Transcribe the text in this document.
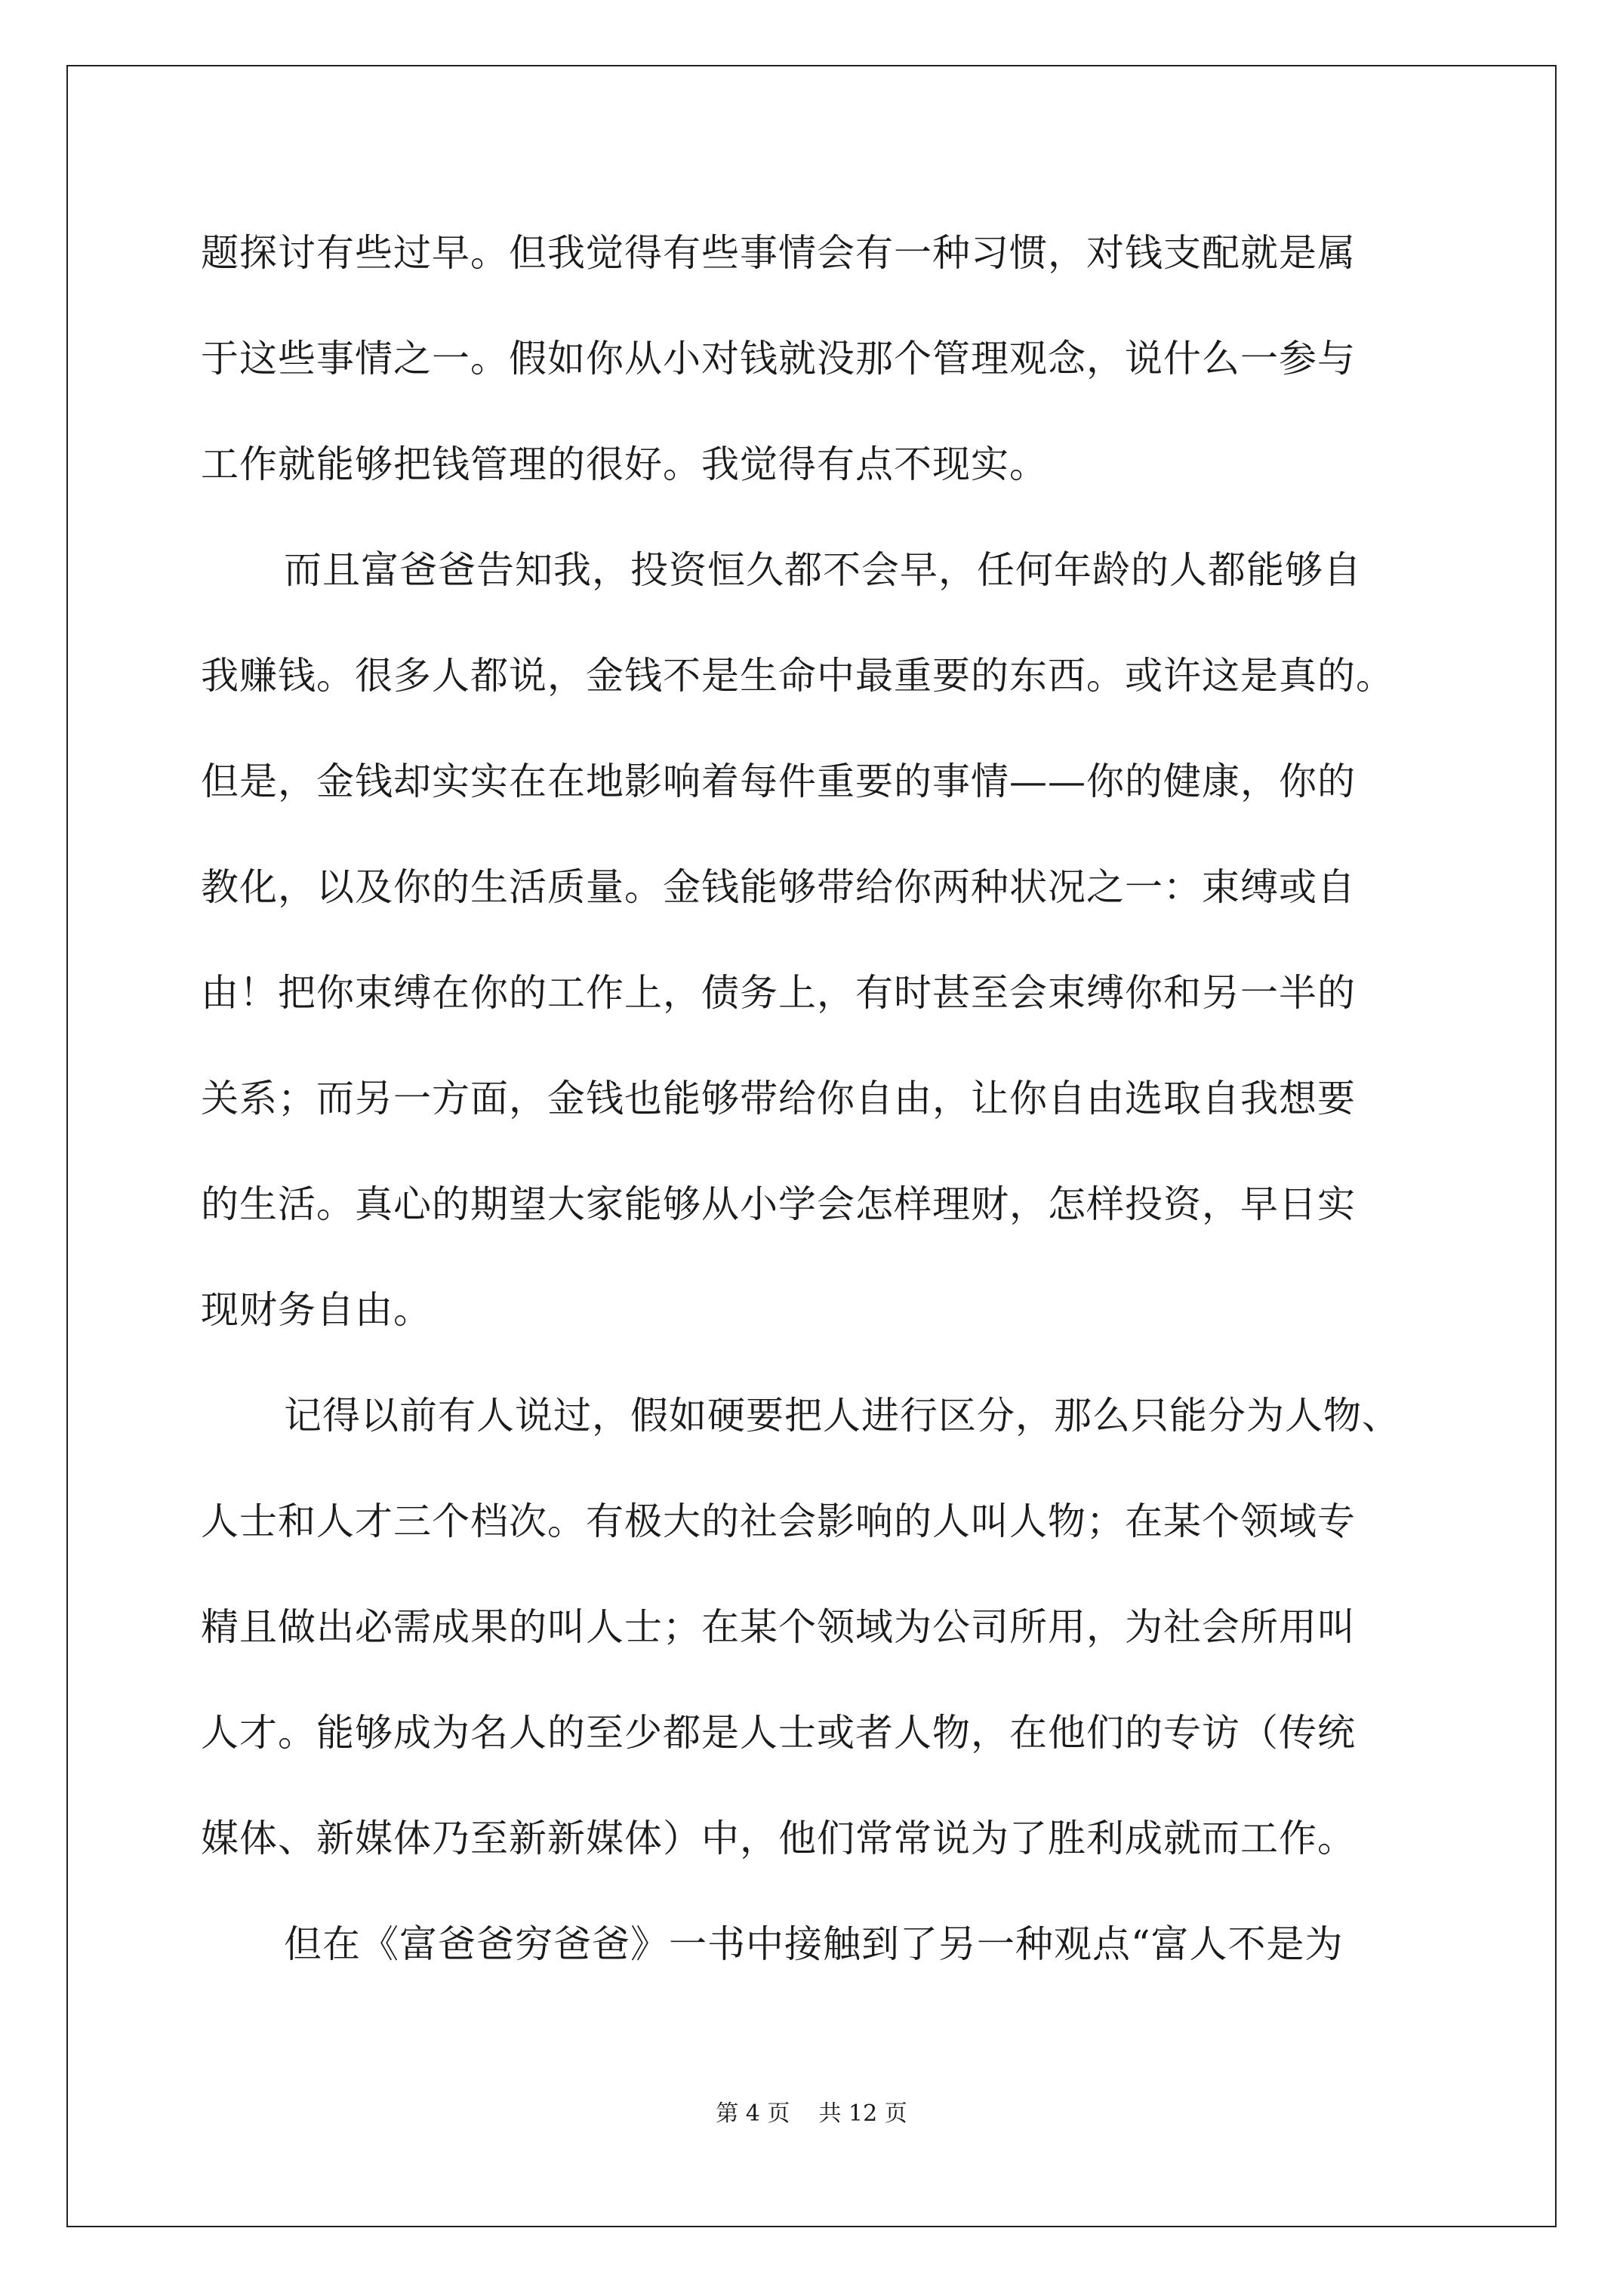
题探讨有些过早。但我觉得有些事情会有一种习惯，对钱支配就是属
于这些事情之一。假如你从小对钱就没那个管理观念，说什么一参与
工作就能够把钱管理的很好。我觉得有点不现实。
而且富爸爸告知我，投资恒久都不会早，任何年龄的人都能够自
我赚钱。很多人都说，金钱不是生命中最重要的东西。或许这是真的。
但是，金钱却实实在在地影响着每件重要的事情——你的健康，你的
教化，以及你的生活质量。金钱能够带给你两种状况之一：束缚或自
由！把你束缚在你的工作上，债务上，有时甚至会束缚你和另一半的
关系；而另一方面，金钱也能够带给你自由，让你自由选取自我想要
的生活。真心的期望大家能够从小学会怎样理财，怎样投资，早日实
现财务自由。
记得以前有人说过，假如硬要把人进行区分，那么只能分为人物、
人士和人才三个档次。有极大的社会影响的人叫人物；在某个领域专
精且做出必需成果的叫人士；在某个领域为公司所用，为社会所用叫
人才。能够成为名人的至少都是人士或者人物，在他们的专访（传统
媒体、新媒体乃至新新媒体）中，他们常常说为了胜利成就而工作。
但在《富爸爸穷爸爸》一书中接触到了另一种观点“富人不是为
第 4 页    共 12 页
